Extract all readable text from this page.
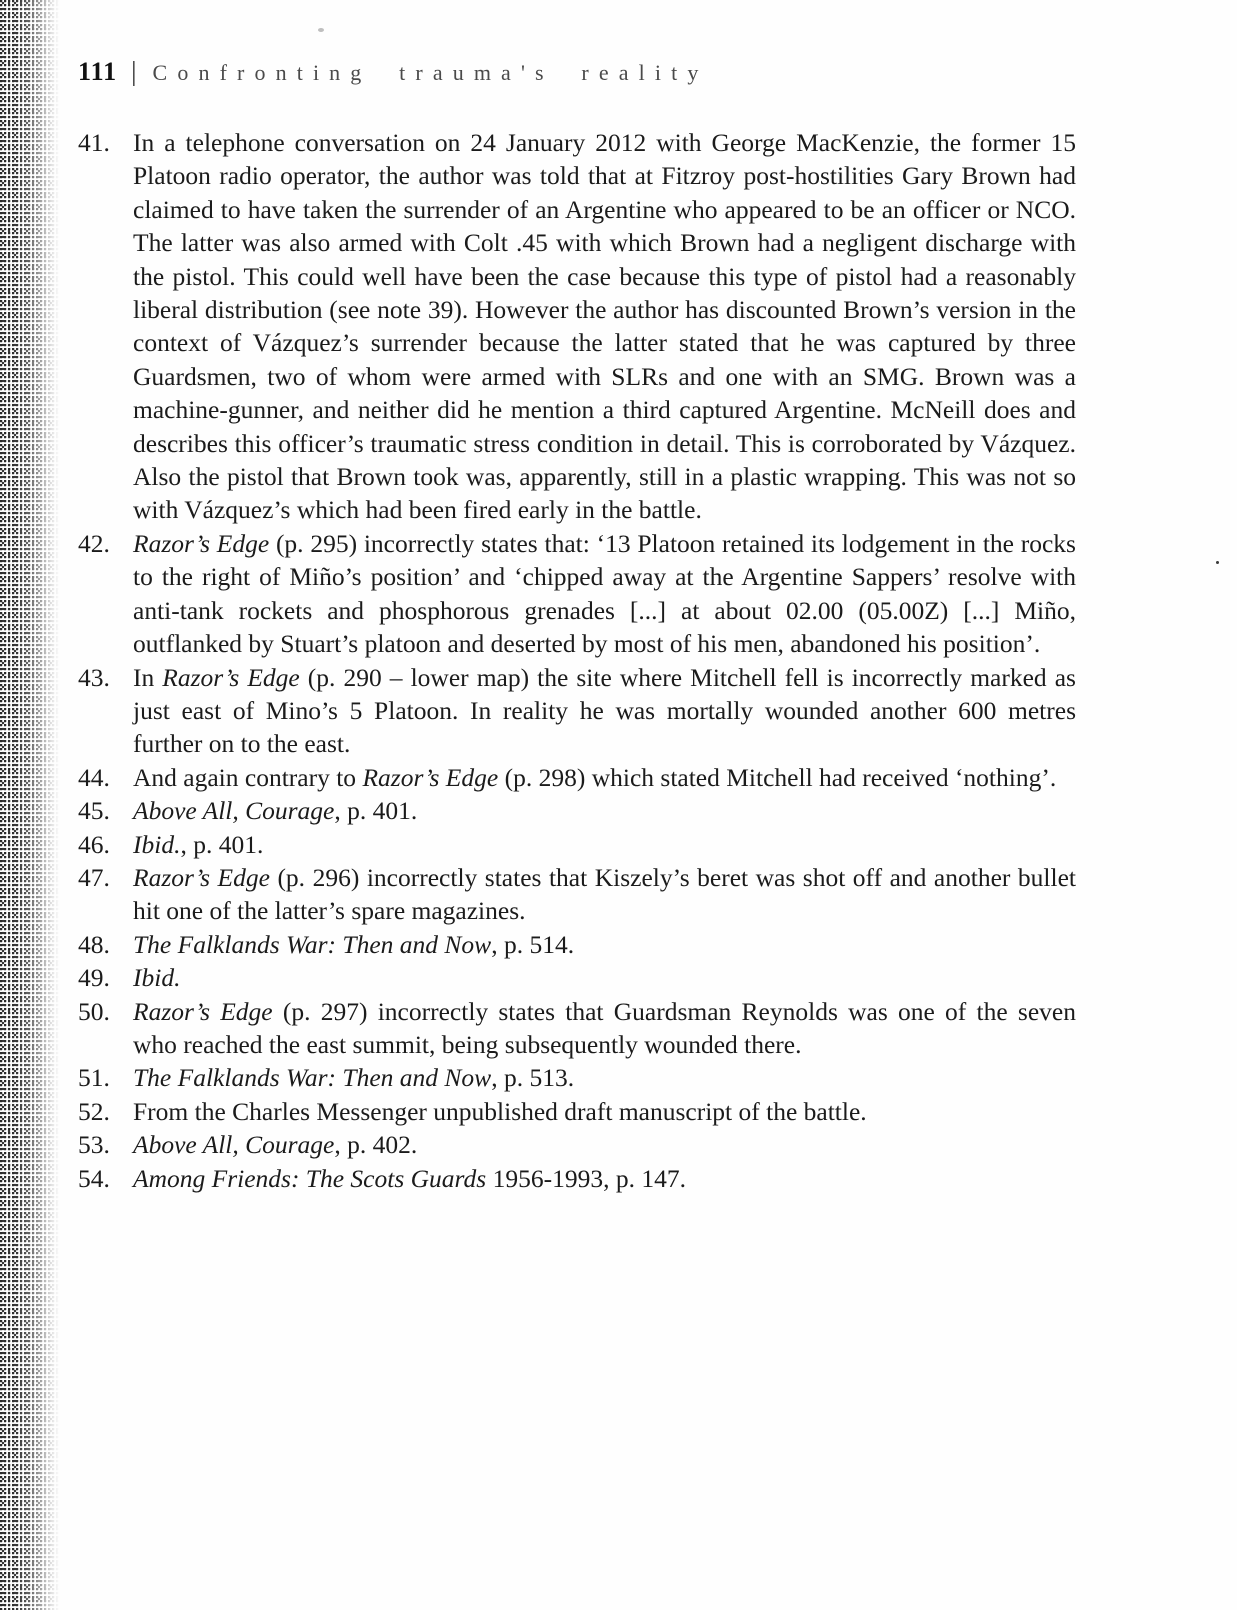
111 | Confronting trauma's reality
41. In a telephone conversation on 24 January 2012 with George MacKenzie, the former 15 Platoon radio operator, the author was told that at Fitzroy post-hostilities Gary Brown had claimed to have taken the surrender of an Argentine who appeared to be an officer or NCO. The latter was also armed with Colt .45 with which Brown had a negligent discharge with the pistol. This could well have been the case because this type of pistol had a reasonably liberal distribution (see note 39). However the author has discounted Brown’s version in the context of Vázquez’s surrender because the latter stated that he was captured by three Guardsmen, two of whom were armed with SLRs and one with an SMG. Brown was a machine-gunner, and neither did he mention a third captured Argentine. McNeill does and describes this officer’s traumatic stress condition in detail. This is corroborated by Vázquez. Also the pistol that Brown took was, apparently, still in a plastic wrapping. This was not so with Vázquez’s which had been fired early in the battle.
42. Razor’s Edge (p. 295) incorrectly states that: ‘13 Platoon retained its lodgement in the rocks to the right of Miño’s position’ and ‘chipped away at the Argentine Sappers’ resolve with anti-tank rockets and phosphorous grenades [...] at about 02.00 (05.00Z) [...] Miño, outflanked by Stuart’s platoon and deserted by most of his men, abandoned his position’.
43. In Razor’s Edge (p. 290 – lower map) the site where Mitchell fell is incorrectly marked as just east of Mino’s 5 Platoon. In reality he was mortally wounded another 600 metres further on to the east.
44. And again contrary to Razor’s Edge (p. 298) which stated Mitchell had received ‘nothing’.
45. Above All, Courage, p. 401.
46. Ibid., p. 401.
47. Razor’s Edge (p. 296) incorrectly states that Kiszely’s beret was shot off and another bullet hit one of the latter’s spare magazines.
48. The Falklands War: Then and Now, p. 514.
49. Ibid.
50. Razor’s Edge (p. 297) incorrectly states that Guardsman Reynolds was one of the seven who reached the east summit, being subsequently wounded there.
51. The Falklands War: Then and Now, p. 513.
52. From the Charles Messenger unpublished draft manuscript of the battle.
53. Above All, Courage, p. 402.
54. Among Friends: The Scots Guards 1956-1993, p. 147.
